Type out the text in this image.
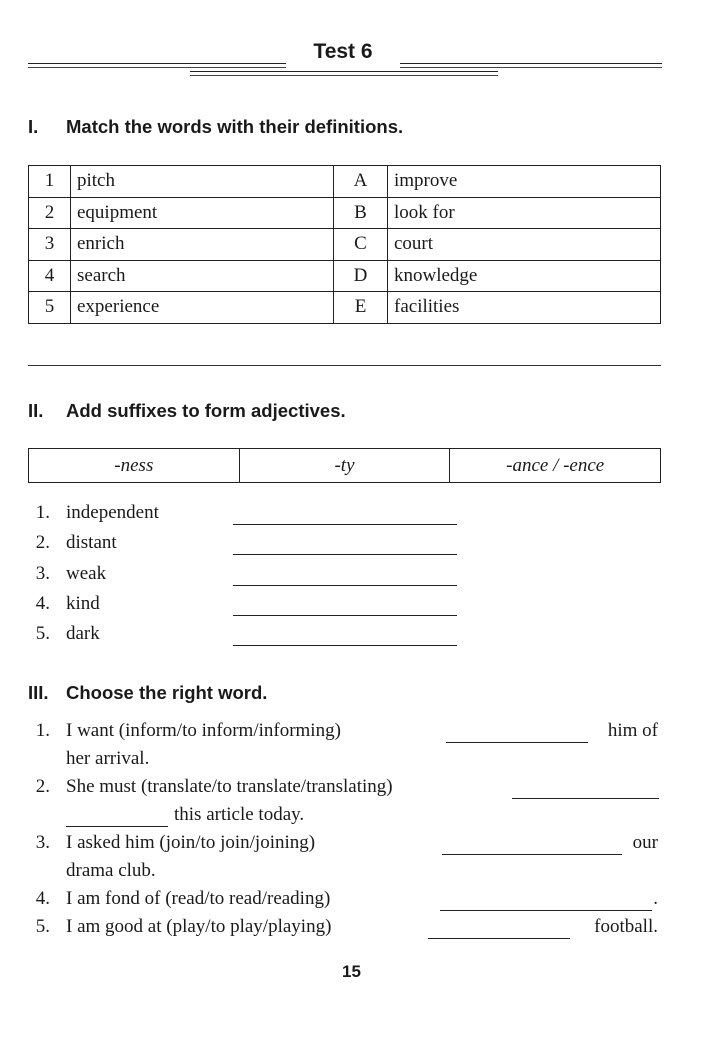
Test 6
I. Match the words with their definitions.
1	pitch	A	improve
2	equipment	B	look for
3	enrich	C	court
4	search	D	knowledge
5	experience	E	facilities
II. Add suffixes to form adjectives.
-ness	-ty	-ance / -ence
1. independent
2. distant
3. weak
4. kind
5. dark
III. Choose the right word.
1. I want (inform/to inform/informing)	him of
her arrival.
2. She must (translate/to translate/translating)
this article today.
3. I asked him (join/to join/joining)	our
drama club.
4. I am fond of (read/to read/reading)	.
5. I am good at (play/to play/playing)	football.
15
